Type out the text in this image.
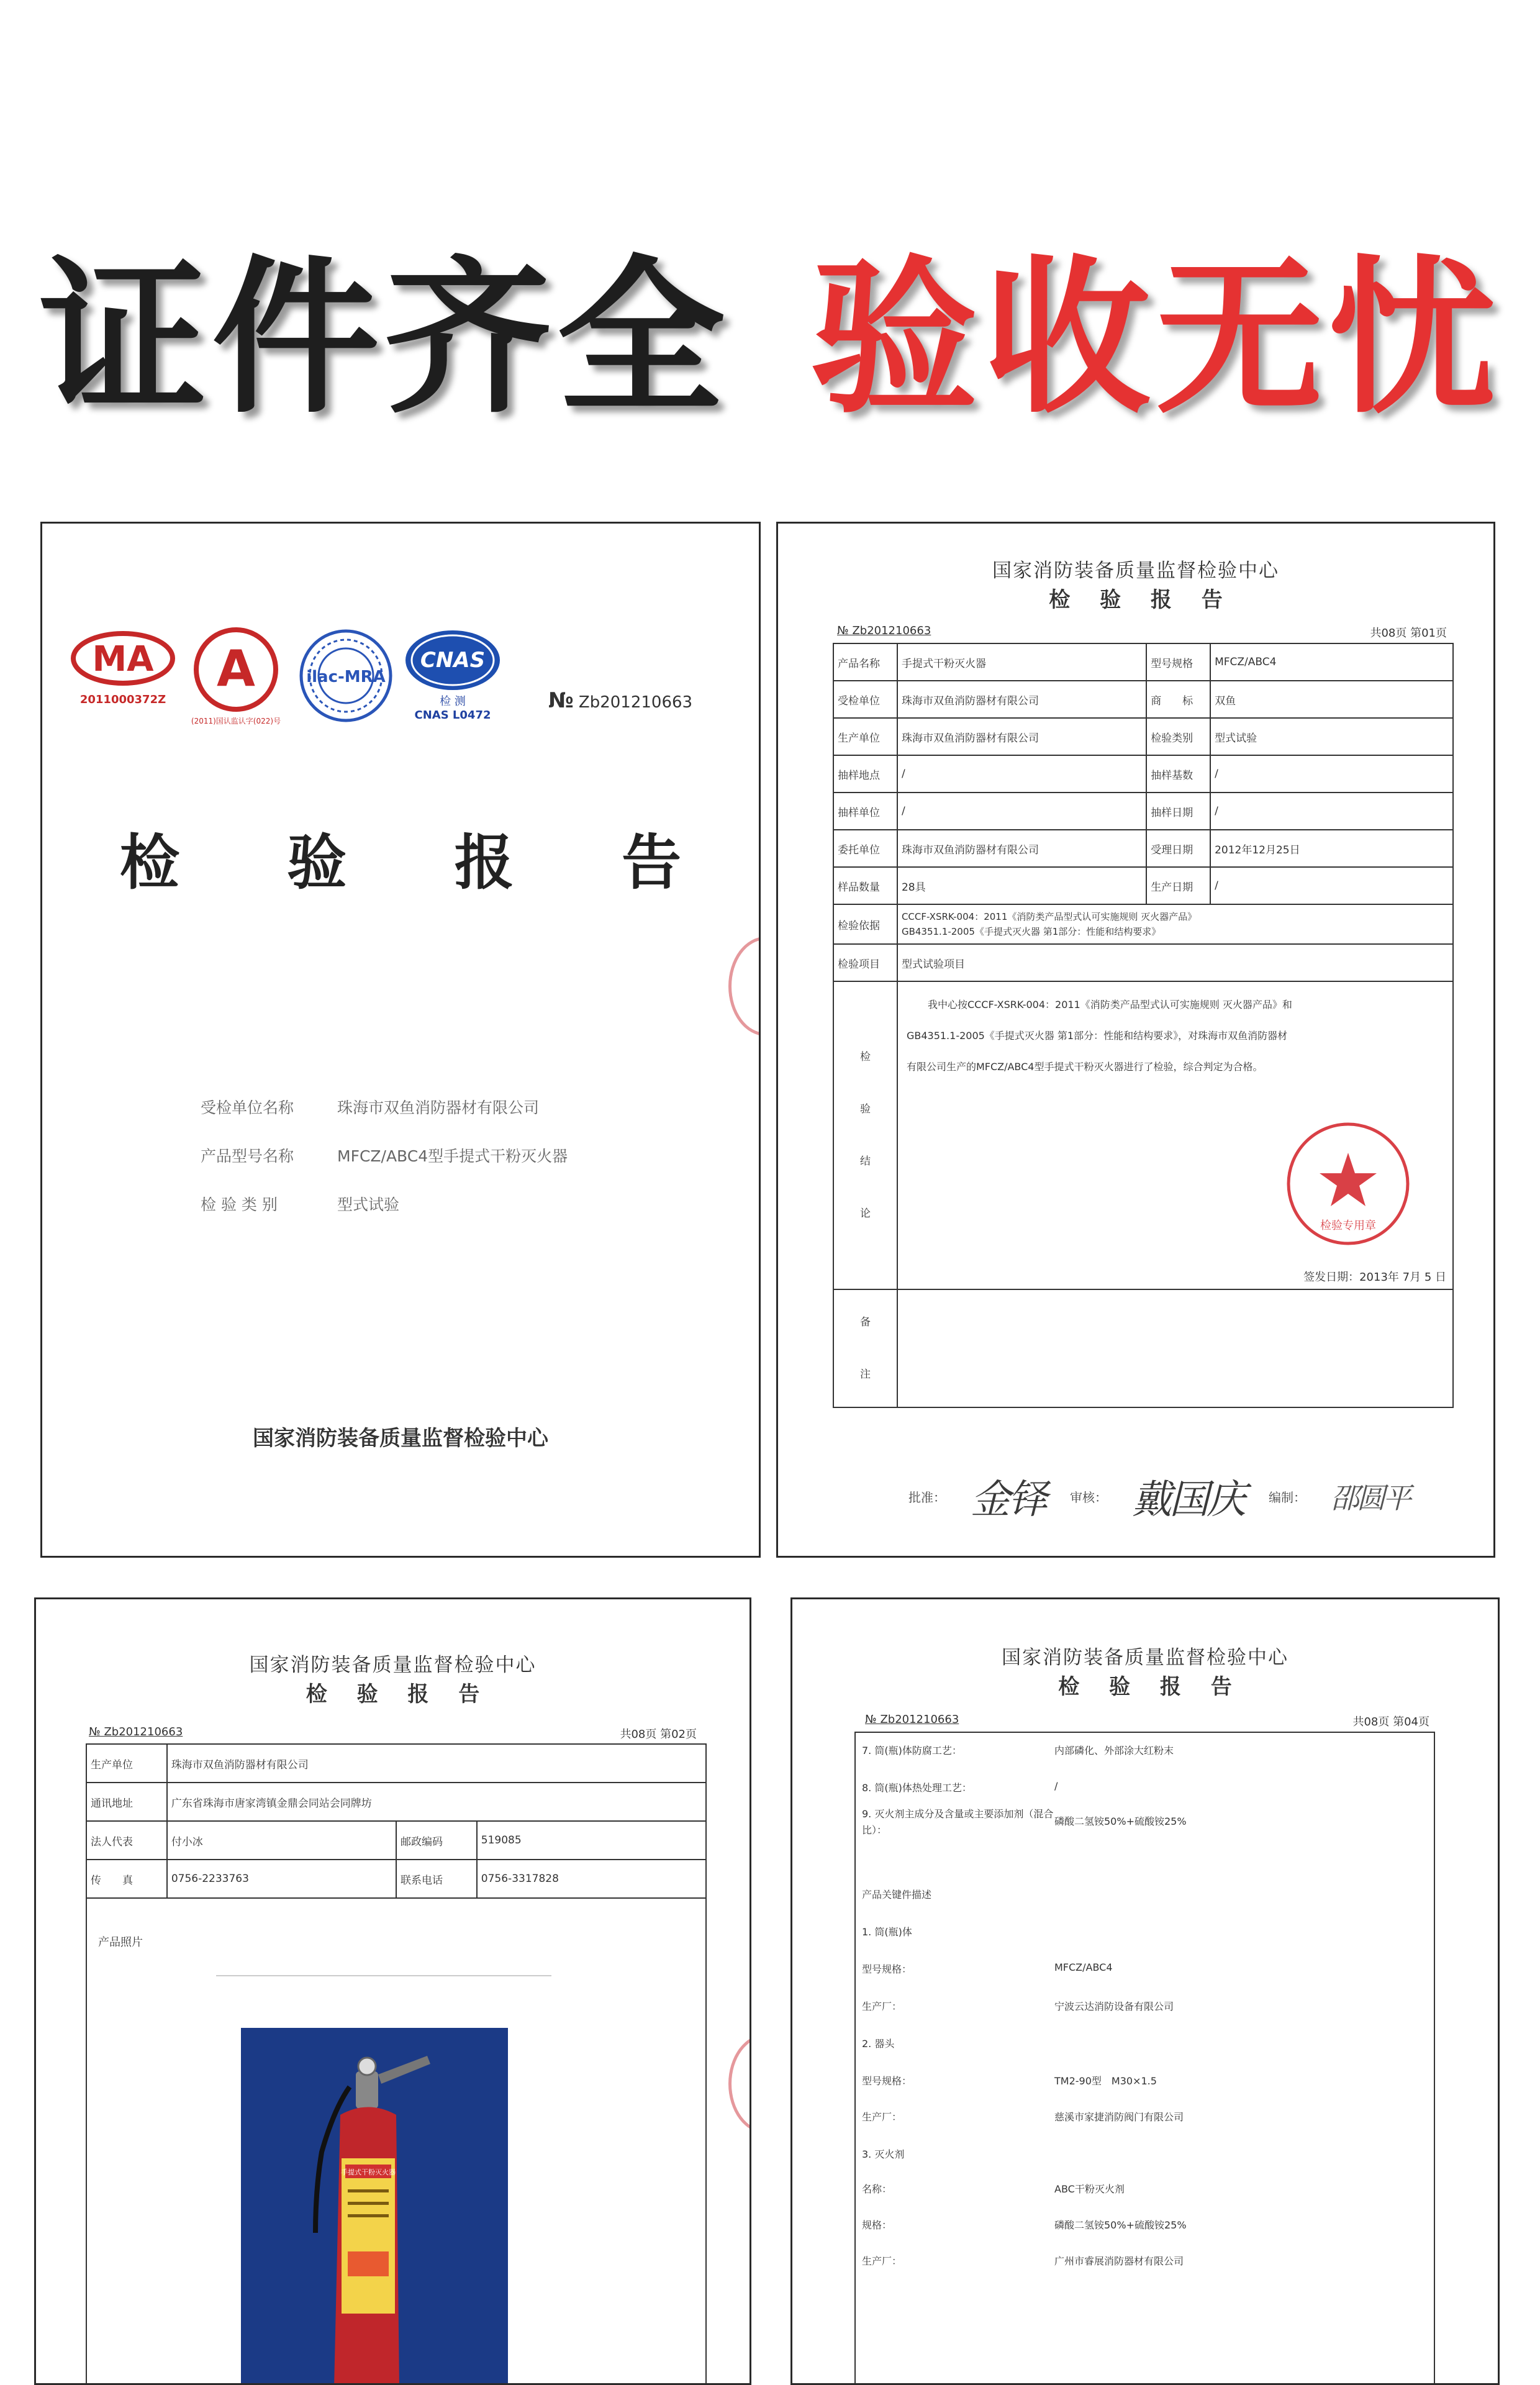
证件齐全 验收无忧
MA
2011000372Z
A
(2011)国认监认字(022)号
ilac-MRA
CNAS
检 测
CNAS L0472
№ Zb201210663
检 验 报 告
受检单位名称	珠海市双鱼消防器材有限公司
产品型号名称	MFCZ/ABC4型手提式干粉灭火器
检 验 类 别	型式试验
国家消防装备质量监督检验中心
国家消防装备质量监督检验中心
检 验 报 告
№ Zb201210663	共08页 第01页
产品名称	手提式干粉灭火器	型号规格	MFCZ/ABC4
受检单位	珠海市双鱼消防器材有限公司	商　　标	双鱼
生产单位	珠海市双鱼消防器材有限公司	检验类别	型式试验
抽样地点	/	抽样基数	/
抽样单位	/	抽样日期	/
委托单位	珠海市双鱼消防器材有限公司	受理日期	2012年12月25日
样品数量	28具	生产日期	/
检验依据	CCCF-XSRK-004：2011《消防类产品型式认可实施规则 灭火器产品》
GB4351.1-2005《手提式灭火器 第1部分：性能和结构要求》		

检验项目	型式试验项目		
检 验 结 论	我中心按CCCF-XSRK-004：2011《消防类产品型式认可实施规则 灭火器产品》和
GB4351.1-2005《手提式灭火器 第1部分：性能和结构要求》，对珠海市双鱼消防器材
有限公司生产的MFCZ/ABC4型手提式干粉灭火器进行了检验，综合判定为合格。
检验专用章
签发日期：2013年 7月 5 日		

备 注			
批准： 金铎 审核： 戴国庆 编制： 邵圆平
国家消防装备质量监督检验中心
检 验 报 告
№ Zb201210663	共08页 第02页
生产单位	珠海市双鱼消防器材有限公司		
通讯地址	广东省珠海市唐家湾镇金鼎会同站会同牌坊		
法人代表	付小冰	邮政编码	519085
传　　真	0756-2233763	联系电话	0756-3317828
产品照片
手提式干粉灭火器
国家消防装备质量监督检验中心
检 验 报 告
№ Zb201210663	共08页 第04页
7. 筒(瓶)体防腐工艺：	内部磷化、外部涂大红粉末
8. 筒(瓶)体热处理工艺：	/
9. 灭火剂主成分及含量或主要添加剂（混合比）：
磷酸二氢铵50%+硫酸铵25%
产品关键件描述
1. 筒(瓶)体
型号规格：	MFCZ/ABC4
生产厂：	宁波云达消防设备有限公司
2. 器头
型号规格：	TM2-90型　M30×1.5
生产厂：	慈溪市家捷消防阀门有限公司
3. 灭火剂
名称：	ABC干粉灭火剂
规格：	磷酸二氢铵50%+硫酸铵25%
生产厂：	广州市睿展消防器材有限公司
